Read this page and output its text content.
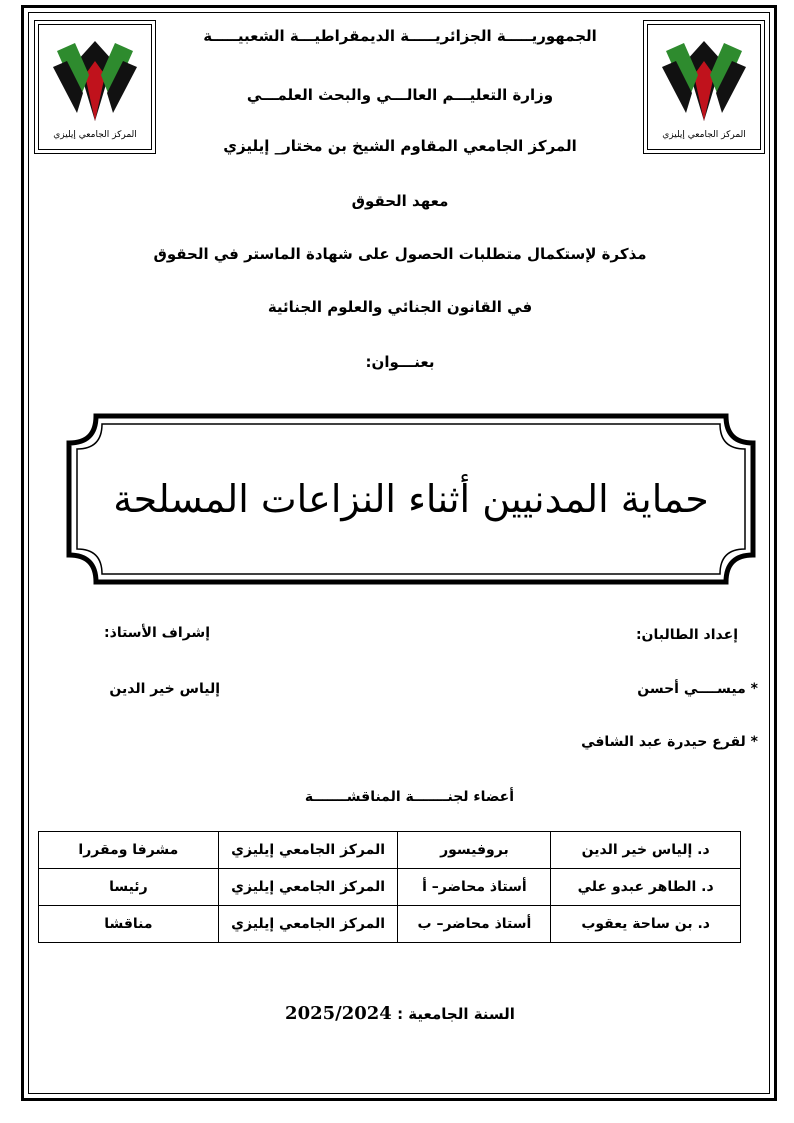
المركز الجامعي إيليزي	المركز الجامعي إيليزي
الجمهوريـــــة الجزائريـــــة الديمقراطيـــة الشعبيـــــة
وزارة التعليـــم العالـــي والبحث العلمـــي
المركز الجامعي المقاوم الشيخ بن مختار_ إيليزي
معهد الحقوق
مذكرة لإستكمال متطلبات الحصول على شهادة الماستر في الحقوق
في القانون الجنائي والعلوم الجنائية
بعنـــوان:
حماية المدنيين أثناء النزاعات المسلحة
إعداد الطالبان:
إشراف الأستاذ:
* ميســــي أحسن
إلياس خير الدين
* لقرع حيدرة عبد الشافي
أعضاء لجنـــــــة المناقشـــــــة
د. إلياس خير الدين	بروفيسور	المركز الجامعي إيليزي	مشرفا ومقررا
د. الطاهر عبدو علي	أستاذ محاضر– أ	المركز الجامعي إيليزي	رئيسا
د. بن ساحة يعقوب	أستاذ محاضر– ب	المركز الجامعي إيليزي	مناقشا
السنة الجامعية : 2025/2024
